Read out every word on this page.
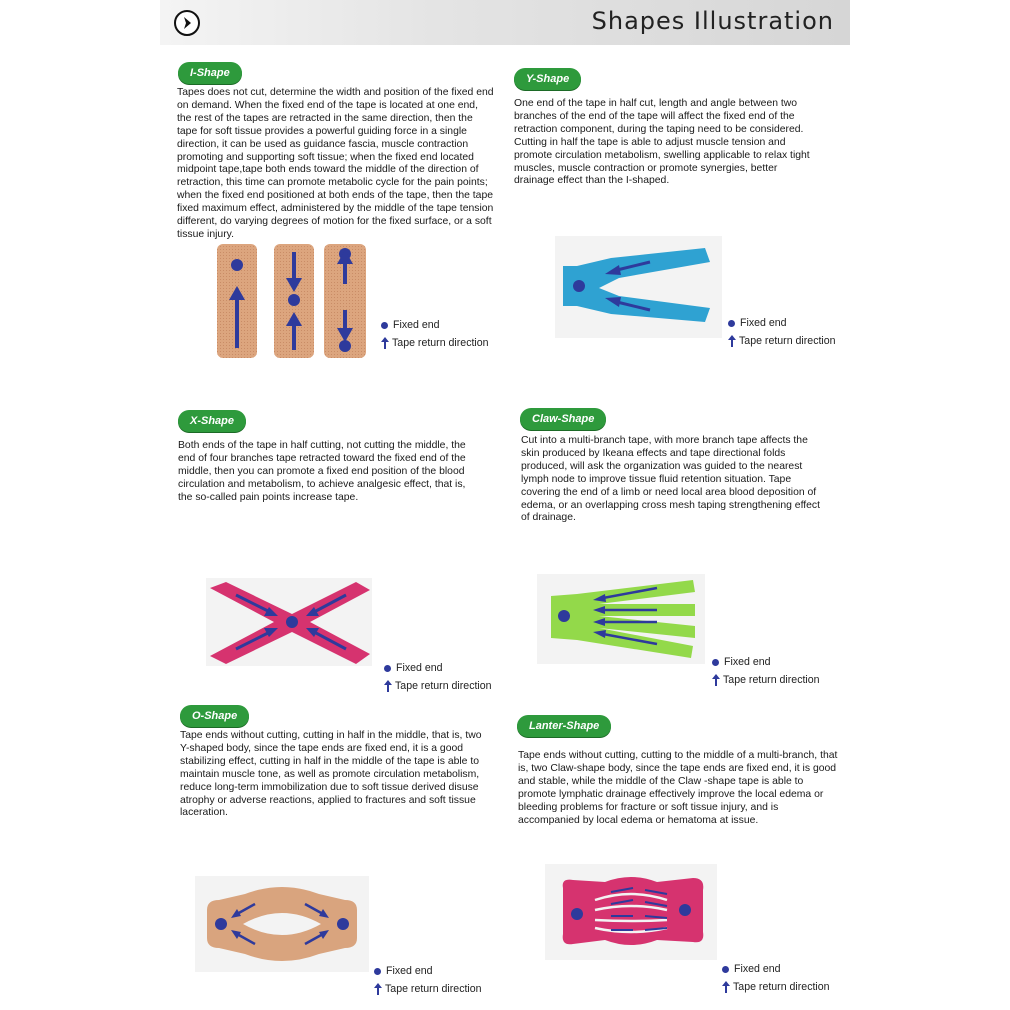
Shapes Illustration
I-Shape
Tapes does not cut, determine the width and position of the fixed end on demand. When the fixed end of the tape is located at one end, the rest of the tapes are retracted in the same direction, then the tape for soft tissue provides a powerful guiding force in a single direction, it can be used as guidance fascia, muscle contraction promoting and supporting soft tissue; when the fixed end located midpoint tape,tape both ends toward the middle of the direction of retraction, this time can promote metabolic cycle for the pain points; when the fixed end positioned at both ends of the tape, then the tape fixed maximum effect, administered by the middle of the tape tension different, do varying degrees of motion for the fixed surface, or a soft tissue injury.
Fixed end
Tape return direction
Y-Shape
One end of the tape in half cut, length and angle between two branches of the end of the tape will affect the fixed end of the retraction component, during the taping need to be considered. Cutting in half the tape is able to adjust muscle tension and promote circulation metabolism, swelling applicable to relax tight muscles, muscle contraction or promote synergies, better drainage effect than the I-shaped.
Fixed end
Tape return direction
X-Shape
Both ends of the tape in half cutting, not cutting the middle, the end of four branches tape retracted toward the fixed end of the middle, then you can promote a fixed end position of the blood circulation and metabolism, to achieve analgesic effect, that is, the so-called pain points increase tape.
Fixed end
Tape return direction
Claw-Shape
Cut into a multi-branch tape, with more branch tape affects the skin produced by Ikeana effects and tape directional folds produced, will ask the organization was guided to the nearest lymph node to improve tissue fluid retention situation. Tape covering the end of a limb or need local area blood deposition of edema, or an overlapping cross mesh taping strengthening effect of drainage.
Fixed end
Tape return direction
O-Shape
Tape ends without cutting, cutting in half in the middle, that is, two Y-shaped body, since the tape ends are fixed end, it is a good stabilizing effect, cutting in half in the middle of the tape is able to maintain muscle tone, as well as promote circulation metabolism, reduce long-term immobilization due to soft tissue derived disuse atrophy or adverse reactions, applied to fractures and soft tissue laceration.
Fixed end
Tape return direction
Lanter-Shape
Tape ends without cutting, cutting to the middle of a multi-branch, that is, two Claw-shape body, since the tape ends are fixed end, it is good and stable, while the middle of the Claw -shape tape is able to promote lymphatic drainage effectively improve the local edema or bleeding problems for fracture or soft tissue injury, and is accompanied by local edema or hematoma at issue.
Fixed end
Tape return direction
